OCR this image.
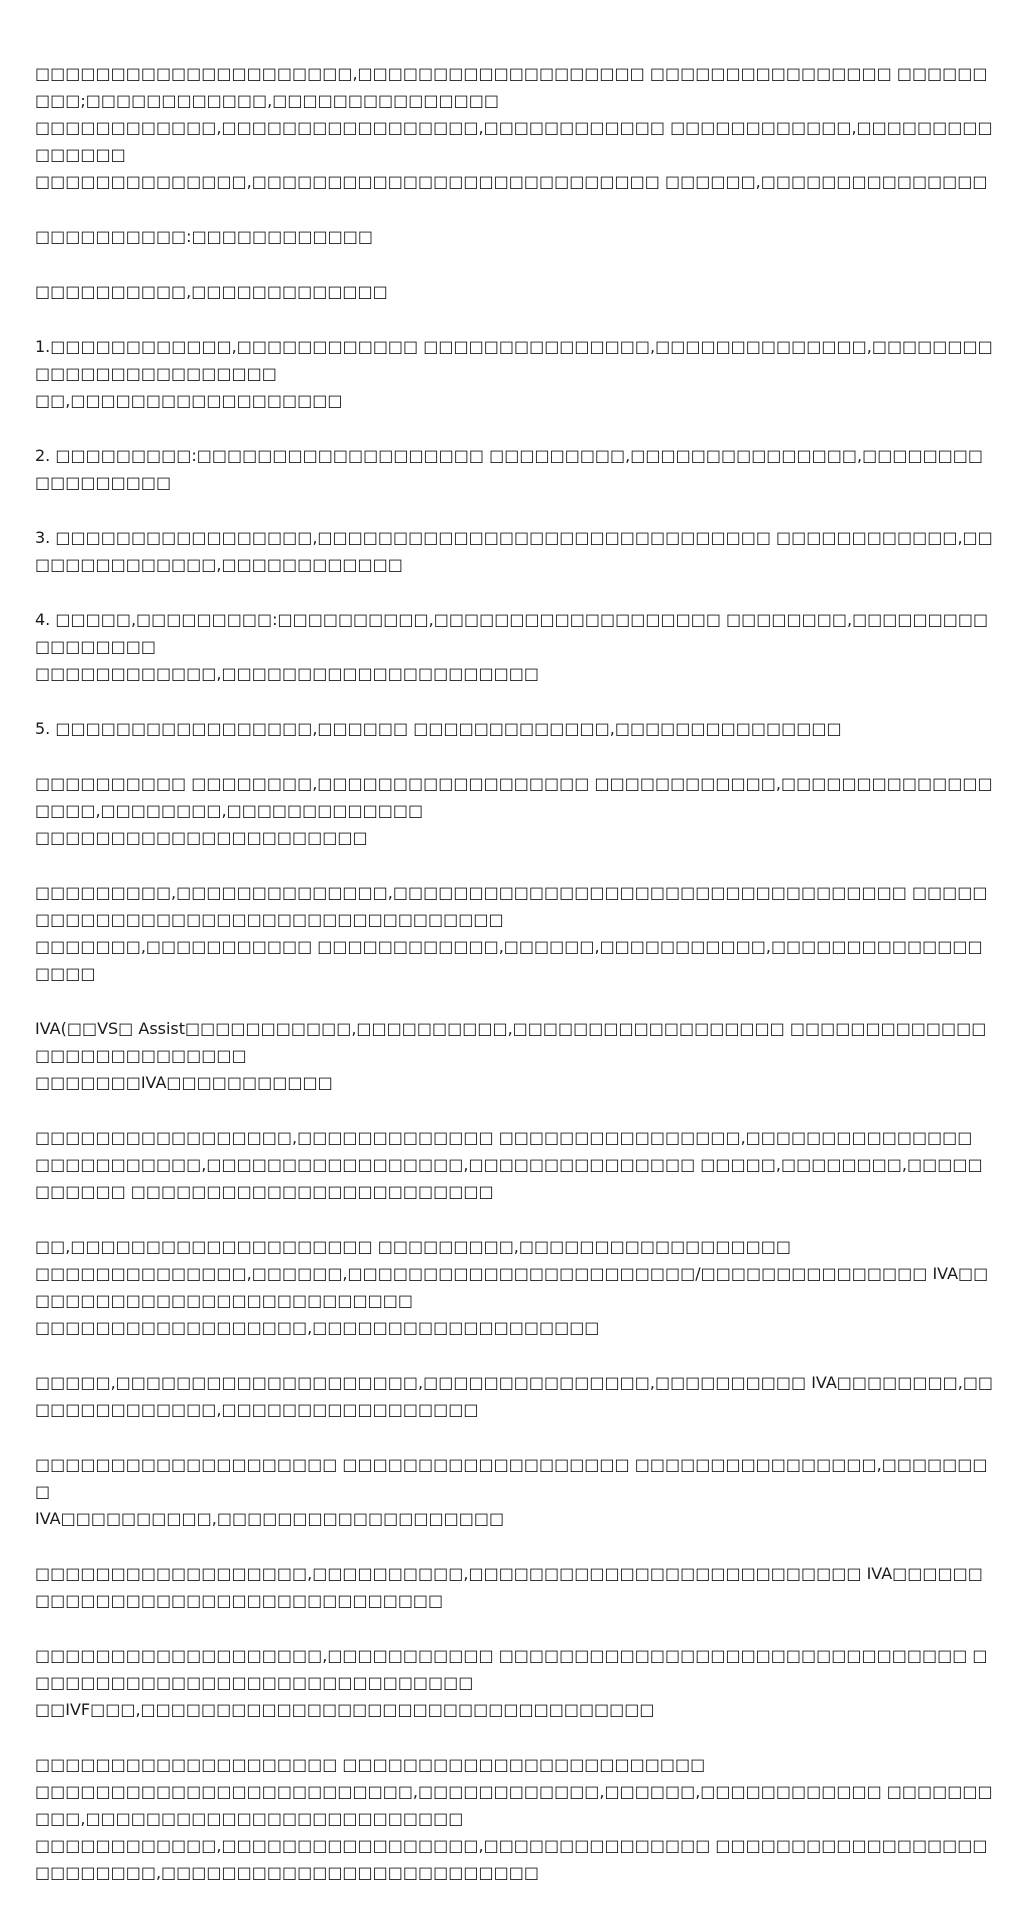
□□□□□□□□□□□□□□□□□□□□□,□□□□□□□□□□□□□□□□□□□ □□□□□□□□□□□□□□□□ □□□□□□□□□;□□□□□□□□□□□□,□□□□□□□□□□□□□□□
□□□□□□□□□□□□,□□□□□□□□□□□□□□□□□,□□□□□□□□□□□□ □□□□□□□□□□□□,□□□□□□□□□□□□□□□
□□□□□□□□□□□□□□,□□□□□□□□□□□□□□□□□□□□□□□□□□□ □□□□□□,□□□□□□□□□□□□□□□

□□□□□□□□□□:□□□□□□□□□□□□

□□□□□□□□□□,□□□□□□□□□□□□□

1.□□□□□□□□□□□□,□□□□□□□□□□□□ □□□□□□□□□□□□□□□,□□□□□□□□□□□□□□,□□□□□□□□□□□□□□□□□□□□□□□□
□□,□□□□□□□□□□□□□□□□□□

2. □□□□□□□□□:□□□□□□□□□□□□□□□□□□□ □□□□□□□□□,□□□□□□□□□□□□□□□,□□□□□□□□□□□□□□□□□

3. □□□□□□□□□□□□□□□□□,□□□□□□□□□□□□□□□□□□□□□□□□□□□□□□ □□□□□□□□□□□□,□□□□□□□□□□□□□□,□□□□□□□□□□□□

4. □□□□□,□□□□□□□□□:□□□□□□□□□□,□□□□□□□□□□□□□□□□□□□ □□□□□□□□,□□□□□□□□□□□□□□□□□
□□□□□□□□□□□□,□□□□□□□□□□□□□□□□□□□□□

5. □□□□□□□□□□□□□□□□□,□□□□□□ □□□□□□□□□□□□□,□□□□□□□□□□□□□□□

□□□□□□□□□□ □□□□□□□□,□□□□□□□□□□□□□□□□□□ □□□□□□□□□□□□,□□□□□□□□□□□□□□□□□□,□□□□□□□□,□□□□□□□□□□□□□
□□□□□□□□□□□□□□□□□□□□□□

□□□□□□□□□,□□□□□□□□□□□□□□,□□□□□□□□□□□□□□□□□□□□□□□□□□□□□□□□□□ □□□□□□□□□□□□□□□□□□□□□□□□□□□□□□□□□□□□
□□□□□□□,□□□□□□□□□□□ □□□□□□□□□□□□,□□□□□□,□□□□□□□□□□□,□□□□□□□□□□□□□□□□□□

IVA(□□VS□ Assist□□□□□□□□□□□,□□□□□□□□□□,□□□□□□□□□□□□□□□□□□ □□□□□□□□□□□□□□□□□□□□□□□□□□□
□□□□□□□IVA□□□□□□□□□□□

□□□□□□□□□□□□□□□□□,□□□□□□□□□□□□□ □□□□□□□□□□□□□□□□,□□□□□□□□□□□□□□□
□□□□□□□□□□□,□□□□□□□□□□□□□□□□□,□□□□□□□□□□□□□□□ □□□□□,□□□□□□□□,□□□□□□□□□□□ □□□□□□□□□□□□□□□□□□□□□□□□

□□,□□□□□□□□□□□□□□□□□□□□ □□□□□□□□□,□□□□□□□□□□□□□□□□□□
□□□□□□□□□□□□□□,□□□□□□,□□□□□□□□□□□□□□□□□□□□□□□/□□□□□□□□□□□□□□□ IVA□□□□□□□□□□□□□□□□□□□□□□□□□□□
□□□□□□□□□□□□□□□□□□,□□□□□□□□□□□□□□□□□□□

□□□□□,□□□□□□□□□□□□□□□□□□□□,□□□□□□□□□□□□□□□,□□□□□□□□□□ IVA□□□□□□□□,□□□□□□□□□□□□□□,□□□□□□□□□□□□□□□□□

□□□□□□□□□□□□□□□□□□□□ □□□□□□□□□□□□□□□□□□□ □□□□□□□□□□□□□□□□,□□□□□□□□
IVA□□□□□□□□□□,□□□□□□□□□□□□□□□□□□□

□□□□□□□□□□□□□□□□□□,□□□□□□□□□□,□□□□□□□□□□□□□□□□□□□□□□□□□□ IVA□□□□□□□□□□□□□□□□□□□□□□□□□□□□□□□□□

□□□□□□□□□□□□□□□□□□□,□□□□□□□□□□□ □□□□□□□□□□□□□□□□□□□□□□□□□□□□□□□ □□□□□□□□□□□□□□□□□□□□□□□□□□□□□□
□□IVF□□□,□□□□□□□□□□□□□□□□□□□□□□□□□□□□□□□□□□

□□□□□□□□□□□□□□□□□□□□ □□□□□□□□□□□□□□□□□□□□□□□□
□□□□□□□□□□□□□□□□□□□□□□□□□,□□□□□□□□□□□□,□□□□□□,□□□□□□□□□□□□ □□□□□□□□□□,□□□□□□□□□□□□□□□□□□□□□□□□□
□□□□□□□□□□□□,□□□□□□□□□□□□□□□□□,□□□□□□□□□□□□□□□ □□□□□□□□□□□□□□□□□□□□□□□□□□,□□□□□□□□□□□□□□□□□□□□□□□□□
